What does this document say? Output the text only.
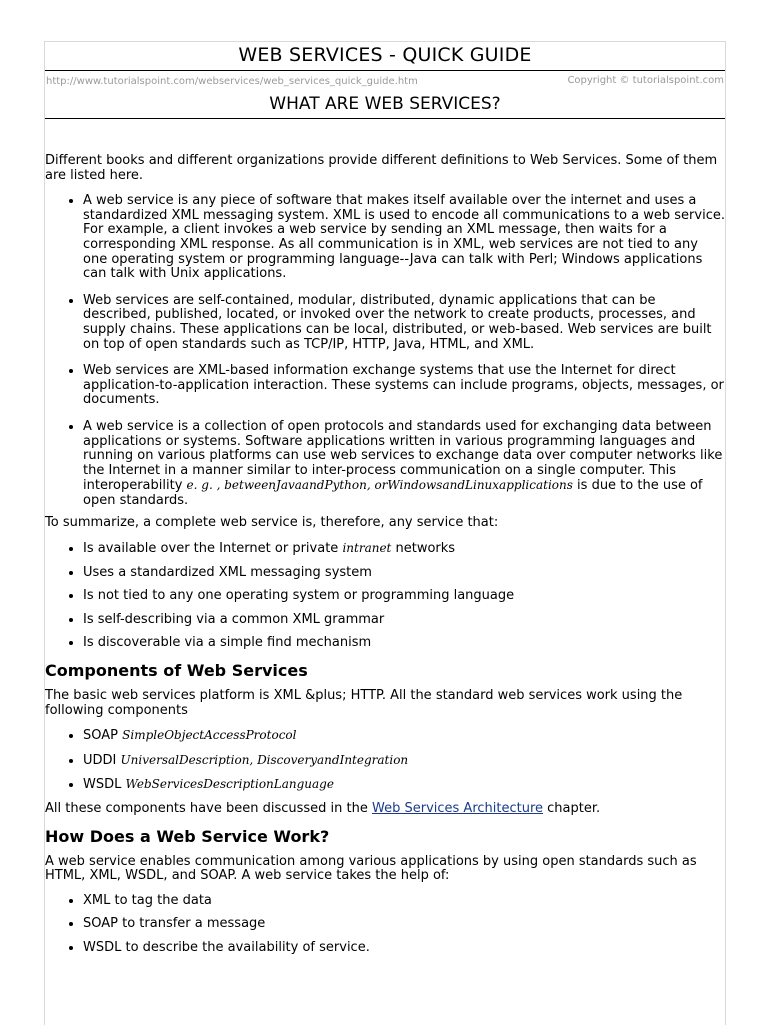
WEB SERVICES - QUICK GUIDE
http://www.tutorialspoint.com/webservices/web_services_quick_guide.htm	Copyright © tutorialspoint.com
WHAT ARE WEB SERVICES?

Different books and different organizations provide different definitions to Web Services. Some of them are listed here.

• A web service is any piece of software that makes itself available over the internet and uses a standardized XML messaging system. XML is used to encode all communications to a web service. For example, a client invokes a web service by sending an XML message, then waits for a corresponding XML response. As all communication is in XML, web services are not tied to any one operating system or programming language--Java can talk with Perl; Windows applications can talk with Unix applications.
• Web services are self-contained, modular, distributed, dynamic applications that can be described, published, located, or invoked over the network to create products, processes, and supply chains. These applications can be local, distributed, or web-based. Web services are built on top of open standards such as TCP/IP, HTTP, Java, HTML, and XML.
• Web services are XML-based information exchange systems that use the Internet for direct application-to-application interaction. These systems can include programs, objects, messages, or documents.
• A web service is a collection of open protocols and standards used for exchanging data between applications or systems. Software applications written in various programming languages and running on various platforms can use web services to exchange data over computer networks like the Internet in a manner similar to inter-process communication on a single computer. This interoperability e. g. , betweenJavaandPython, orWindowsandLinuxapplications is due to the use of open standards.

To summarize, a complete web service is, therefore, any service that:

• Is available over the Internet or private intranet networks
• Uses a standardized XML messaging system
• Is not tied to any one operating system or programming language
• Is self-describing via a common XML grammar
• Is discoverable via a simple find mechanism
Components of Web Services

The basic web services platform is XML &plus; HTTP. All the standard web services work using the following components

• SOAP SimpleObjectAccessProtocol
• UDDI UniversalDescription, DiscoveryandIntegration
• WSDL WebServicesDescriptionLanguage

All these components have been discussed in the Web Services Architecture chapter.

How Does a Web Service Work?

A web service enables communication among various applications by using open standards such as HTML, XML, WSDL, and SOAP. A web service takes the help of:

• XML to tag the data
• SOAP to transfer a message
• WSDL to describe the availability of service.
